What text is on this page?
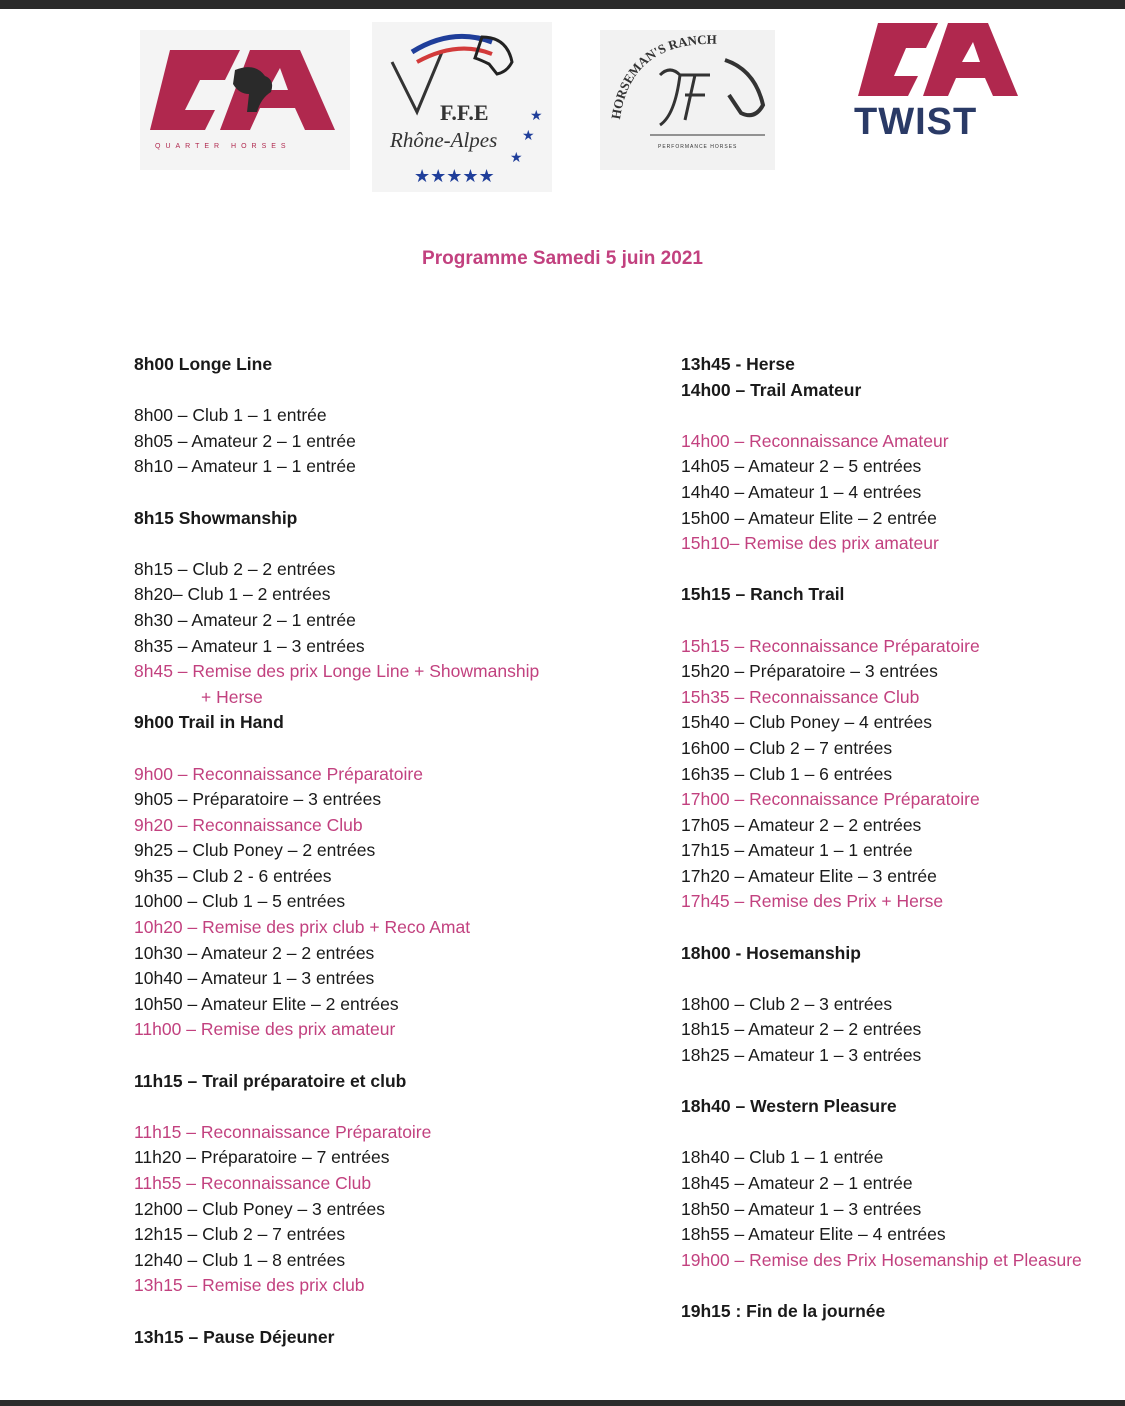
QUARTER HORSES
F.F.E
Rhône-Alpes
★★★★★
★
★
★	HORSEMAN'S RANCH
PERFORMANCE HORSES
TWIST
Programme Samedi 5 juin 2021
8h00 Longe Line
8h00 – Club 1 – 1 entrée
8h05 – Amateur 2 – 1 entrée
8h10 – Amateur 1 – 1 entrée
8h15 Showmanship
8h15 – Club 2 – 2 entrées
8h20– Club 1 – 2 entrées
8h30 – Amateur 2 – 1 entrée
8h35 – Amateur 1 – 3 entrées
8h45 – Remise des prix Longe Line + Showmanship
+ Herse
9h00 Trail in Hand
9h00 – Reconnaissance Préparatoire
9h05 – Préparatoire – 3 entrées
9h20 – Reconnaissance Club
9h25 – Club Poney – 2 entrées
9h35 – Club 2 - 6 entrées
10h00 – Club 1 – 5 entrées
10h20 – Remise des prix club + Reco Amat
10h30 – Amateur 2 – 2 entrées
10h40 – Amateur 1 – 3 entrées
10h50 – Amateur Elite – 2 entrées
11h00 – Remise des prix amateur
11h15 – Trail préparatoire et club
11h15 – Reconnaissance Préparatoire
11h20 – Préparatoire – 7 entrées
11h55 – Reconnaissance Club
12h00 – Club Poney – 3 entrées
12h15 – Club 2 – 7 entrées
12h40 – Club 1 – 8 entrées
13h15 – Remise des prix club
13h15 – Pause Déjeuner
13h45 - Herse
14h00 – Trail Amateur
14h00 – Reconnaissance Amateur
14h05 – Amateur 2 – 5 entrées
14h40 – Amateur 1 – 4 entrées
15h00 – Amateur Elite – 2 entrée
15h10– Remise des prix amateur
15h15 – Ranch Trail
15h15 – Reconnaissance Préparatoire
15h20 – Préparatoire – 3 entrées
15h35 – Reconnaissance Club
15h40 – Club Poney – 4 entrées
16h00 – Club 2 – 7 entrées
16h35 – Club 1 – 6 entrées
17h00 – Reconnaissance Préparatoire
17h05 – Amateur 2 – 2 entrées
17h15 – Amateur 1 – 1 entrée
17h20 – Amateur Elite – 3 entrée
17h45 – Remise des Prix + Herse
18h00 - Hosemanship
18h00 – Club 2 – 3 entrées
18h15 – Amateur 2 – 2 entrées
18h25 – Amateur 1 – 3 entrées
18h40 – Western Pleasure
18h40 – Club 1 – 1 entrée
18h45 – Amateur 2 – 1 entrée
18h50 – Amateur 1 – 3 entrées
18h55 – Amateur Elite – 4 entrées
19h00 – Remise des Prix Hosemanship et Pleasure
19h15 : Fin de la journée
